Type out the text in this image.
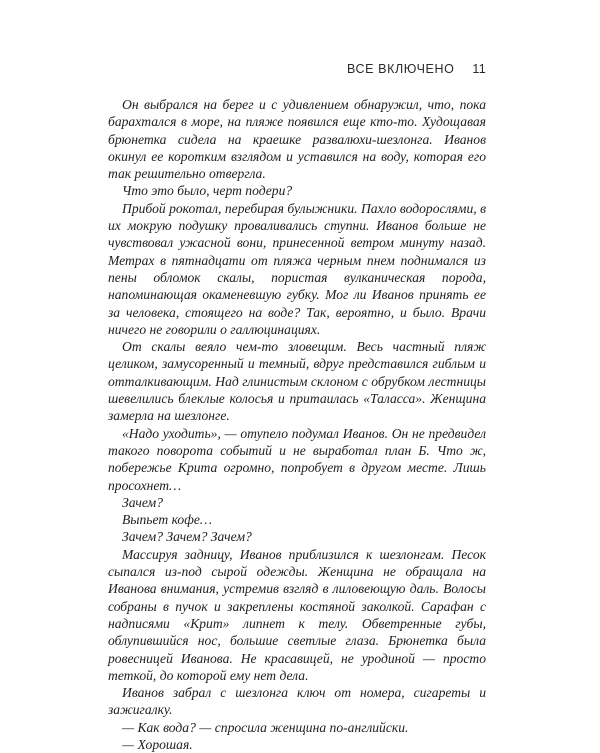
ВСЕ ВКЛЮЧЕНО 11

Он выбрался на берег и с удивлением обнаружил, что, пока барахтался в море, на пляже появился еще кто-то. Худощавая брюнетка сидела на краешке развалюхи-шезлонга. Иванов окинул ее коротким взглядом и уставился на воду, которая его так решительно отвергла.

Что это было, черт подери?

Прибой рокотал, перебирая булыжники. Пахло водорослями, в их мокрую подушку проваливались ступни. Иванов больше не чувствовал ужасной вони, принесенной ветром минуту назад. Метрах в пятнадцати от пляжа черным пнем поднимался из пены обломок скалы, пористая вулканическая порода, напоминающая окаменевшую губку. Мог ли Иванов принять ее за человека, стоящего на воде? Так, вероятно, и было. Врачи ничего не говорили о галлюцинациях.

От скалы веяло чем-то зловещим. Весь частный пляж целиком, замусоренный и темный, вдруг представился гиблым и отталкивающим. Над глинистым склоном с обрубком лестницы шевелились блеклые колосья и притаилась «Таласса». Женщина замерла на шезлонге.

«Надо уходить», — отупело подумал Иванов. Он не предвидел такого поворота событий и не выработал план Б. Что ж, побережье Крита огромно, попробует в другом месте. Лишь просохнет…

Зачем?

Выпьет кофе…

Зачем? Зачем? Зачем?

Массируя задницу, Иванов приблизился к шезлонгам. Песок сыпался из-под сырой одежды. Женщина не обращала на Иванова внимания, устремив взгляд в лиловеющую даль. Волосы собраны в пучок и закреплены костяной заколкой. Сарафан с надписями «Крит» липнет к телу. Обветренные губы, облупившийся нос, большие светлые глаза. Брюнетка была ровесницей Иванова. Не красавицей, не уродиной — просто теткой, до которой ему нет дела.

Иванов забрал с шезлонга ключ от номера, сигареты и зажигалку.

— Как вода? — спросила женщина по-английски.

— Хорошая.
